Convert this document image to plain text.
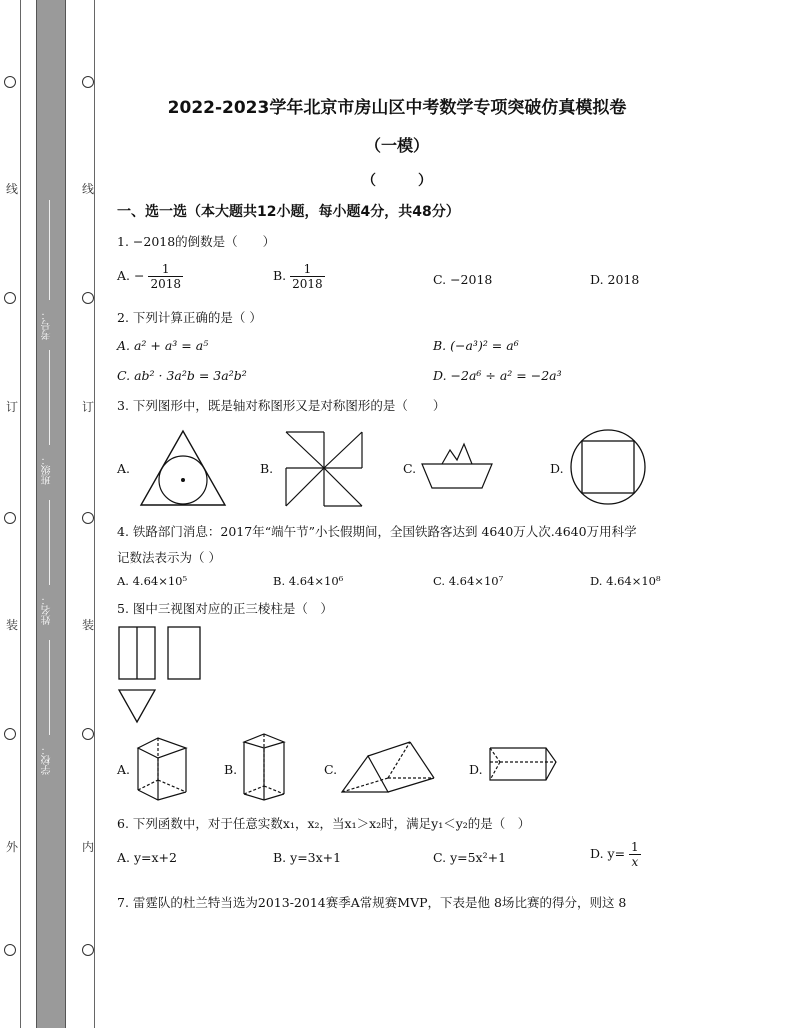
线
订
装
外
线
订
装
内
考号：
班级：
姓名：
学校：
2022-2023学年北京市房山区中考数学专项突破仿真模拟卷
（一模）
（　　　）
一、选一选（本大题共12小题，每小题4分，共48分）
1. −2018的倒数是（　　）
A. − $\frac{1}{2018}$	B. $\frac{1}{2018}$	C. −2018	D. 2018
2. 下列计算正确的是（ ）
A. a² + a³ = a⁵	B. (−a³)² = a⁶
C. ab² · 3a²b = 3a²b²	D. −2a⁶ ÷ a² = −2a³
3. 下列图形中，既是轴对称图形又是对称图形的是（　　）
A.	B.	C.	D.
4. 铁路部门消息：2017年“端午节”小长假期间，全国铁路客达到 4640万人次.4640万用科学
记数法表示为（ ）
A. 4.64×10⁵	B. 4.64×10⁶	C. 4.64×10⁷	D. 4.64×10⁸
5. 图中三视图对应的正三棱柱是（　）
A.	B.	C.	D.
6. 下列函数中，对于任意实数x₁，x₂，当x₁＞x₂时，满足y₁＜y₂的是（　）
A. y=x+2	B. y=3x+1	C. y=5x²+1	D. $y= \frac{1}{x}$
7. 雷霆队的杜兰特当选为2013-2014赛季A常规赛MVP，下表是他 8场比赛的得分，则这 8
